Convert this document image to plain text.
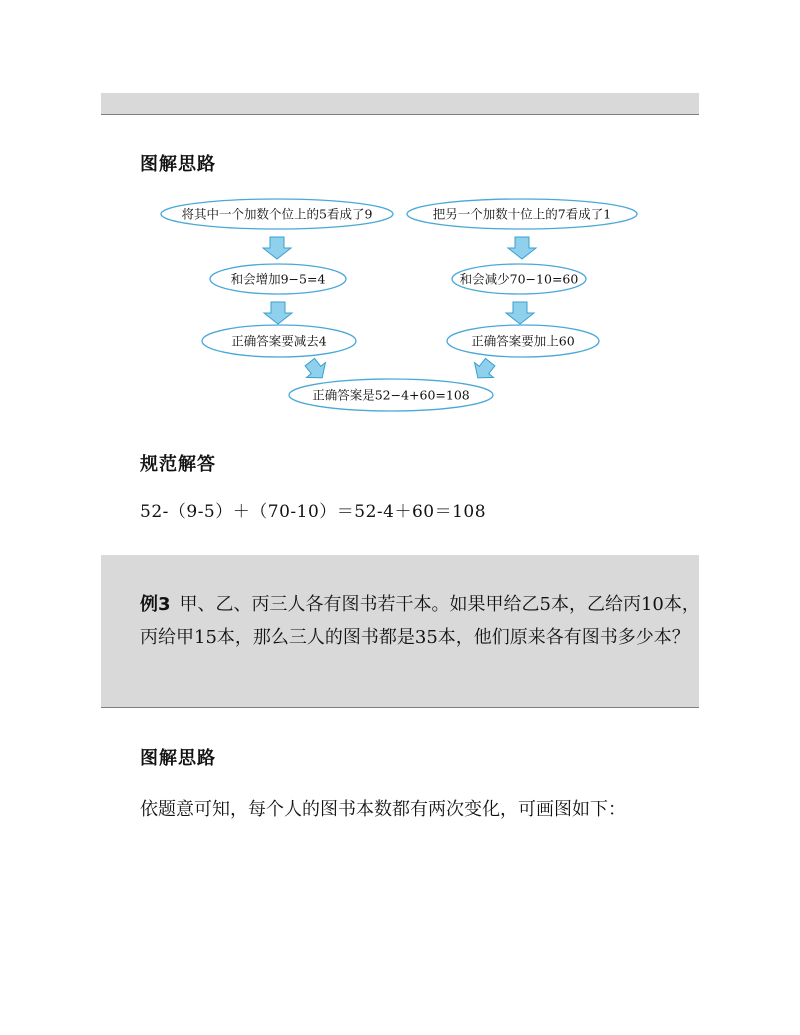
图解思路
将其中一个加数个位上的5看成了9
和会增加9−5=4
正确答案要减去4
把另一个加数十位上的7看成了1
和会减少70−10=60
正确答案要加上60
正确答案是52−4+60=108
规范解答
52-（9-5）＋（70-10）＝52-4＋60＝108
例3 甲、乙、丙三人各有图书若干本。如果甲给乙5本，乙给丙10本，丙给甲15本，那么三人的图书都是35本，他们原来各有图书多少本？
图解思路
依题意可知，每个人的图书本数都有两次变化，可画图如下：
